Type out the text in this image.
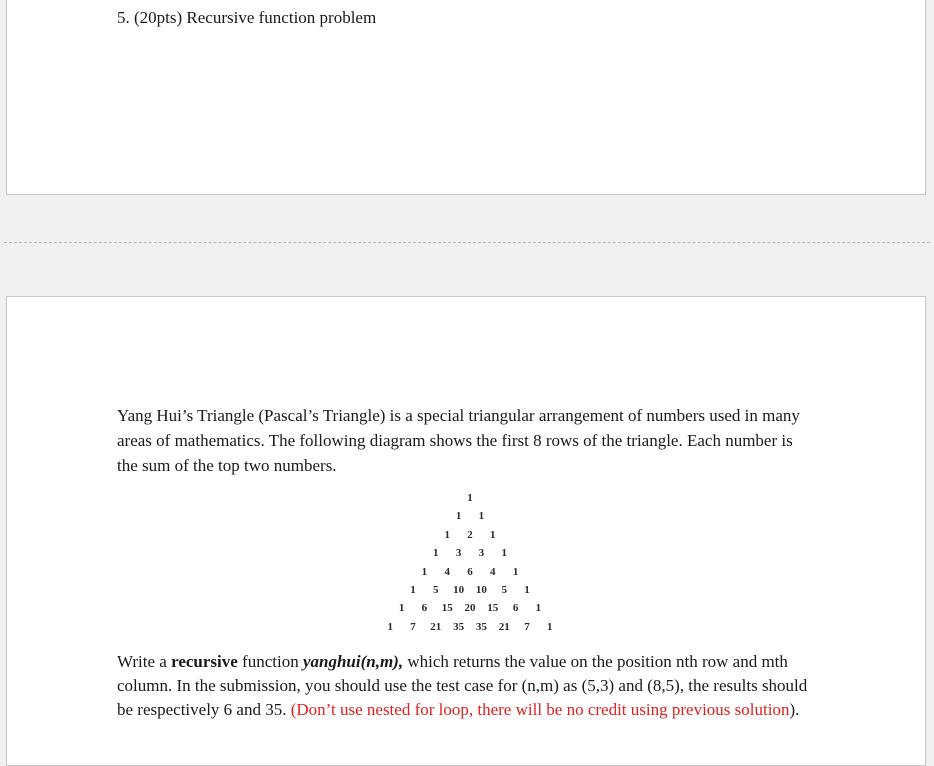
5. (20pts) Recursive function problem

Yang Hui’s Triangle (Pascal’s Triangle) is a special triangular arrangement of numbers used in many areas of mathematics. The following diagram shows the first 8 rows of the triangle. Each number is the sum of the top two numbers.

1
1 1
1 2 1
1 3 3 1
1 4 6 4 1
1 5 10 10 5 1
1 6 15 20 15 6 1
1 7 21 35 35 21 7 1

Write a recursive function yanghui(n,m), which returns the value on the position nth row and mth column. In the submission, you should use the test case for (n,m) as (5,3) and (8,5), the results should be respectively 6 and 35. (Don’t use nested for loop, there will be no credit using previous solution).
